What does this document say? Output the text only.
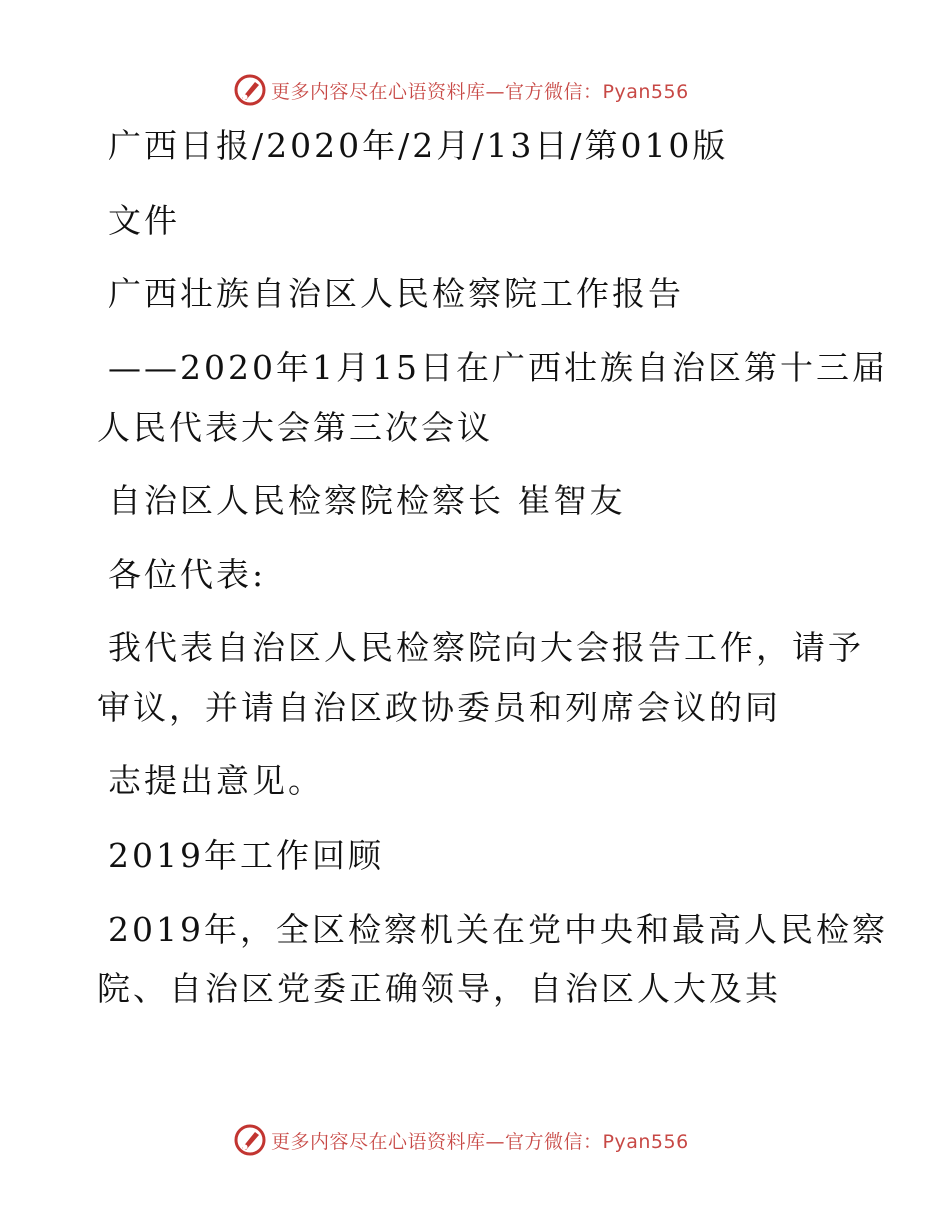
更多内容尽在心语资料库—官方微信：Pyan556
广西日报/2020年/2月/13日/第010版
文件
广西壮族自治区人民检察院工作报告
——2020年1月15日在广西壮族自治区第十三届
人民代表大会第三次会议
自治区人民检察院检察长 崔智友
各位代表:
我代表自治区人民检察院向大会报告工作，请予
审议，并请自治区政协委员和列席会议的同
志提出意见。
2019年工作回顾
2019年，全区检察机关在党中央和最高人民检察
院、自治区党委正确领导，自治区人大及其
更多内容尽在心语资料库—官方微信：Pyan556
